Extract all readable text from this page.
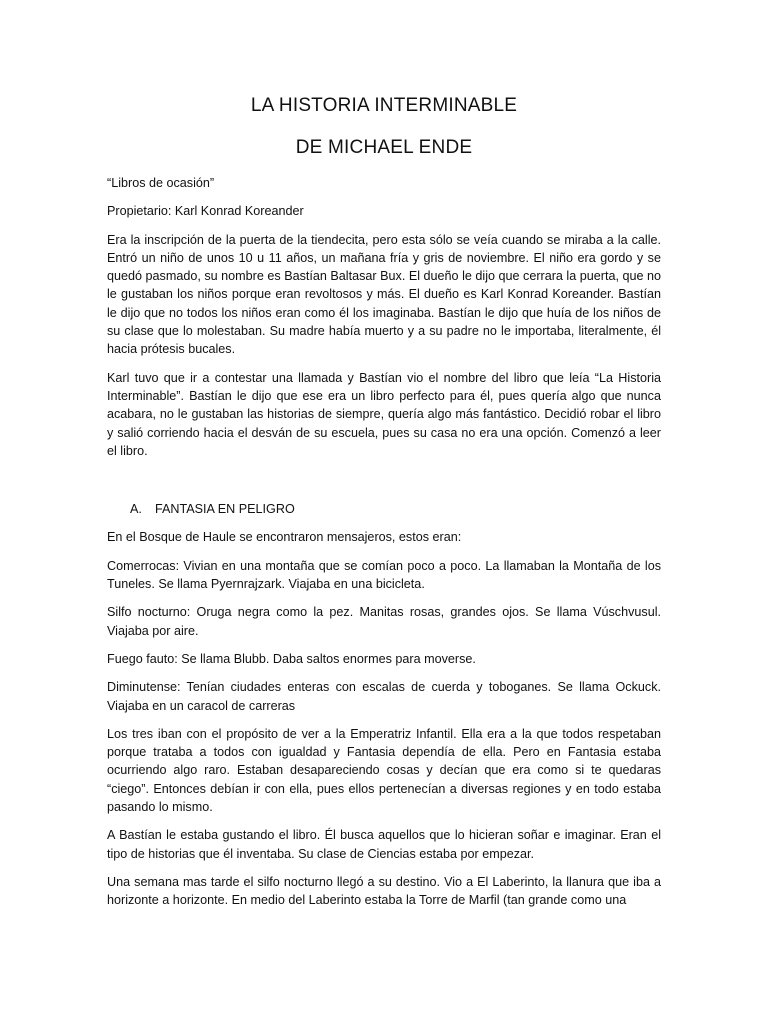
LA HISTORIA INTERMINABLE
DE MICHAEL ENDE

“Libros de ocasión”

Propietario: Karl Konrad Koreander

Era la inscripción de la puerta de la tiendecita, pero esta sólo se veía cuando se miraba a la calle. Entró un niño de unos 10 u 11 años, un mañana fría y gris de noviembre. El niño era gordo y se quedó pasmado, su nombre es Bastían Baltasar Bux. El dueño le dijo que cerrara la puerta, que no le gustaban los niños porque eran revoltosos y más. El dueño es Karl Konrad Koreander. Bastían le dijo que no todos los niños eran como él los imaginaba. Bastían le dijo que huía de los niños de su clase que lo molestaban. Su madre había muerto y a su padre no le importaba, literalmente, él hacia prótesis bucales.

Karl tuvo que ir a contestar una llamada y Bastían vio el nombre del libro que leía “La Historia Interminable”. Bastían le dijo que ese era un libro perfecto para él, pues quería algo que nunca acabara, no le gustaban las historias de siempre, quería algo más fantástico. Decidió robar el libro y salió corriendo hacia el desván de su escuela, pues su casa no era una opción. Comenzó a leer el libro.

A. FANTASIA EN PELIGRO

En el Bosque de Haule se encontraron mensajeros, estos eran:

Comerrocas: Vivian en una montaña que se comían poco a poco. La llamaban la Montaña de los Tuneles. Se llama Pyernrajzark. Viajaba en una bicicleta.

Silfo nocturno: Oruga negra como la pez. Manitas rosas, grandes ojos. Se llama Vúschvusul. Viajaba por aire.

Fuego fauto: Se llama Blubb. Daba saltos enormes para moverse.

Diminutense: Tenían ciudades enteras con escalas de cuerda y toboganes. Se llama Ockuck. Viajaba en un caracol de carreras

Los tres iban con el propósito de ver a la Emperatriz Infantil. Ella era a la que todos respetaban porque trataba a todos con igualdad y Fantasia dependía de ella. Pero en Fantasia estaba ocurriendo algo raro. Estaban desapareciendo cosas y decían que era como si te quedaras “ciego”. Entonces debían ir con ella, pues ellos pertenecían a diversas regiones y en todo estaba pasando lo mismo.

A Bastían le estaba gustando el libro. Él busca aquellos que lo hicieran soñar e imaginar. Eran el tipo de historias que él inventaba. Su clase de Ciencias estaba por empezar.

Una semana mas tarde el silfo nocturno llegó a su destino. Vio a El Laberinto, la llanura que iba a horizonte a horizonte. En medio del Laberinto estaba la Torre de Marfil (tan grande como una
